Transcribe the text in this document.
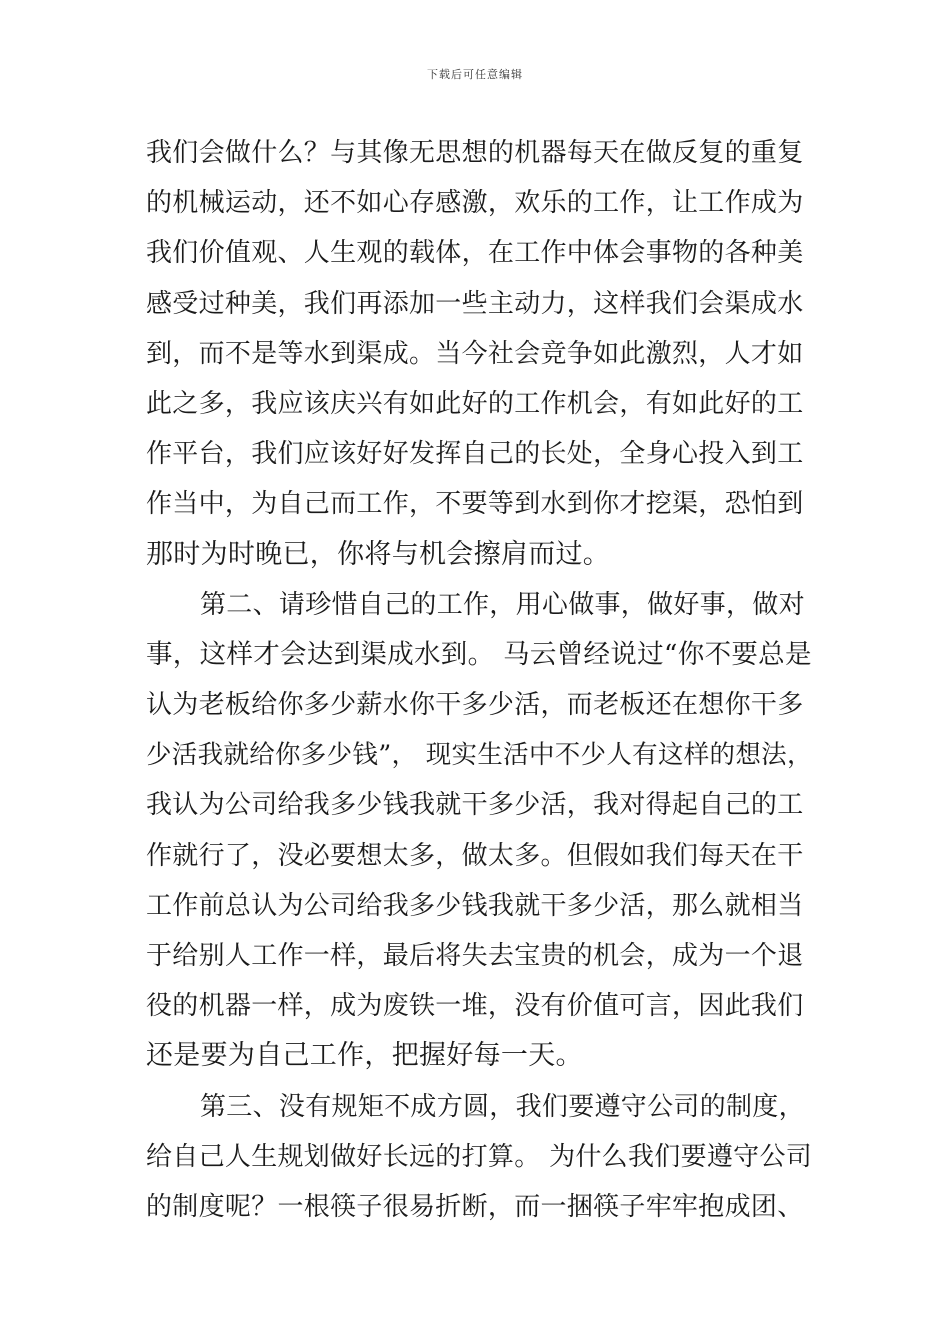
下载后可任意编辑
我们会做什么？与其像无思想的机器每天在做反复的重复
的机械运动，还不如心存感激，欢乐的工作，让工作成为
我们价值观、人生观的载体，在工作中体会事物的各种美
感受过种美，我们再添加一些主动力，这样我们会渠成水
到，而不是等水到渠成。当今社会竞争如此激烈，人才如
此之多，我应该庆兴有如此好的工作机会，有如此好的工
作平台，我们应该好好发挥自己的长处，全身心投入到工
作当中，为自己而工作，不要等到水到你才挖渠，恐怕到
那时为时晚已，你将与机会擦肩而过。
第二、请珍惜自己的工作，用心做事，做好事，做对
事，这样才会达到渠成水到。 马云曾经说过“你不要总是
认为老板给你多少薪水你干多少活，而老板还在想你干多
少活我就给你多少钱”， 现实生活中不少人有这样的想法，
我认为公司给我多少钱我就干多少活，我对得起自己的工
作就行了，没必要想太多，做太多。但假如我们每天在干
工作前总认为公司给我多少钱我就干多少活，那么就相当
于给别人工作一样，最后将失去宝贵的机会，成为一个退
役的机器一样，成为废铁一堆，没有价值可言，因此我们
还是要为自己工作，把握好每一天。
第三、没有规矩不成方圆，我们要遵守公司的制度，
给自己人生规划做好长远的打算。 为什么我们要遵守公司
的制度呢？一根筷子很易折断，而一捆筷子牢牢抱成团、
